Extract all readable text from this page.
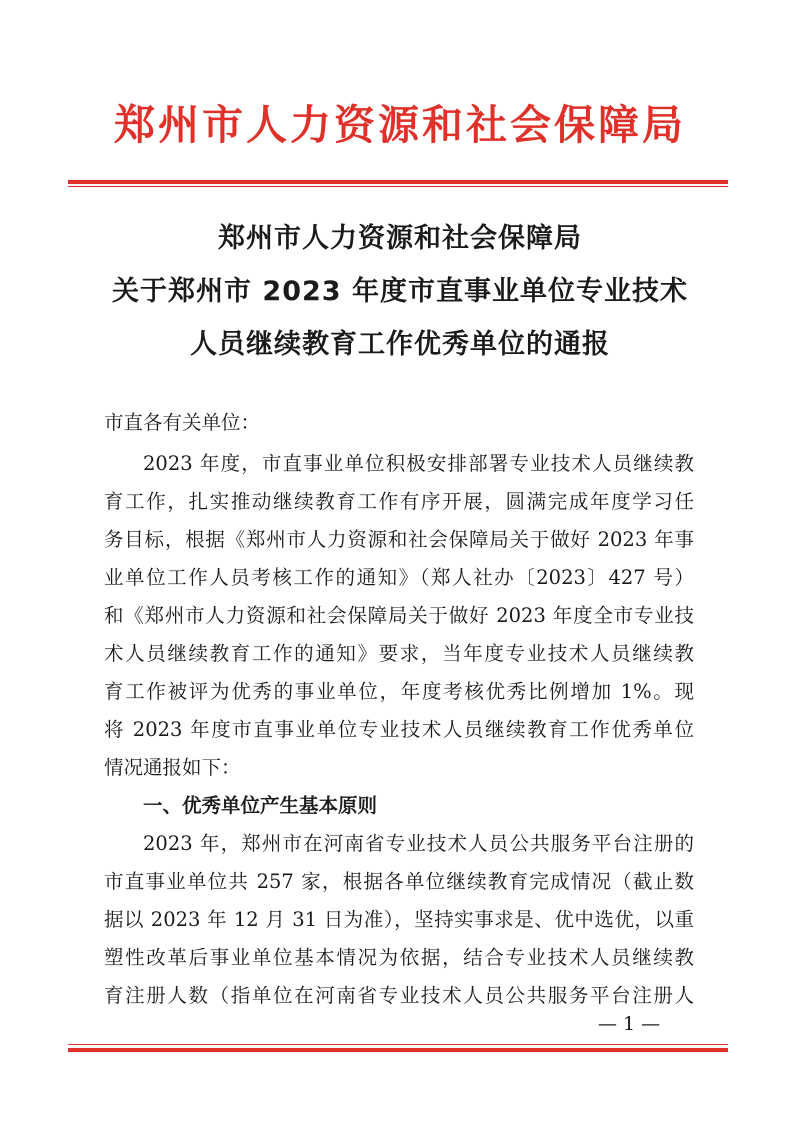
郑州市人力资源和社会保障局
郑州市人力资源和社会保障局
关于郑州市 2023 年度市直事业单位专业技术
人员继续教育工作优秀单位的通报
市直各有关单位：
2023 年度，市直事业单位积极安排部署专业技术人员继续教
育工作，扎实推动继续教育工作有序开展，圆满完成年度学习任
务目标，根据《郑州市人力资源和社会保障局关于做好 2023 年事
业单位工作人员考核工作的通知》（郑人社办〔2023〕427 号）
和《郑州市人力资源和社会保障局关于做好 2023 年度全市专业技
术人员继续教育工作的通知》要求，当年度专业技术人员继续教
育工作被评为优秀的事业单位，年度考核优秀比例增加 1%。现
将 2023 年度市直事业单位专业技术人员继续教育工作优秀单位
情况通报如下：
一、优秀单位产生基本原则
2023 年，郑州市在河南省专业技术人员公共服务平台注册的
市直事业单位共 257 家，根据各单位继续教育完成情况（截止数
据以 2023 年 12 月 31 日为准），坚持实事求是、优中选优，以重
塑性改革后事业单位基本情况为依据，结合专业技术人员继续教
育注册人数（指单位在河南省专业技术人员公共服务平台注册人
— 1 —
